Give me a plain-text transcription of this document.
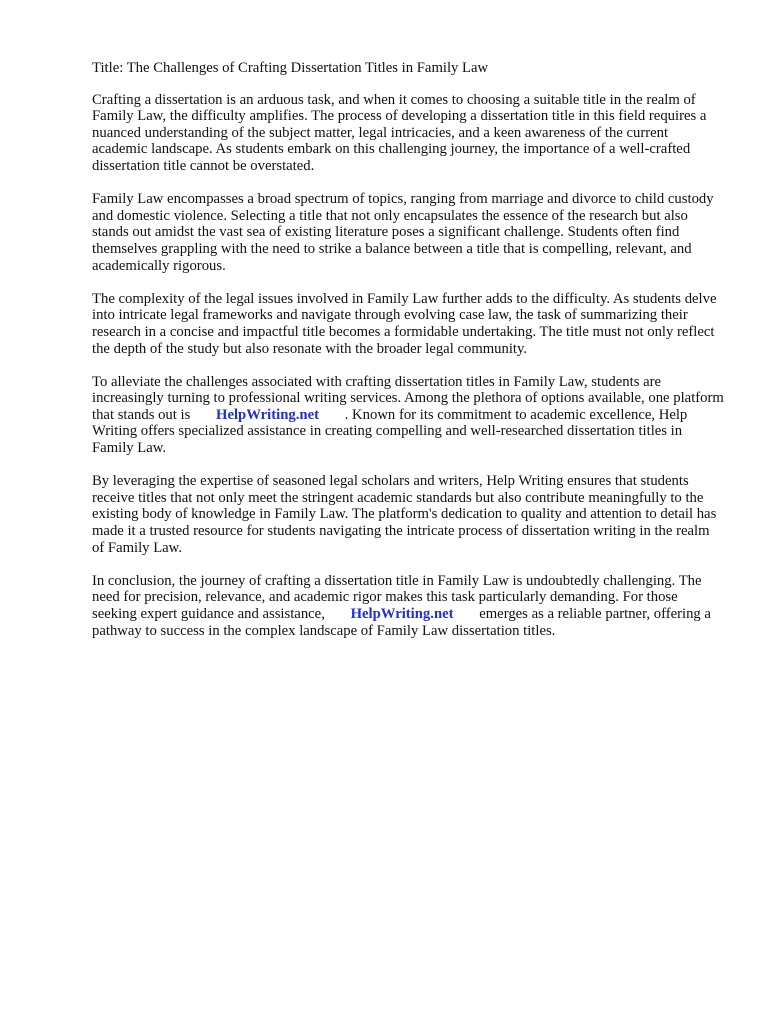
Title: The Challenges of Crafting Dissertation Titles in Family Law

Crafting a dissertation is an arduous task, and when it comes to choosing a suitable title in the realm of Family Law, the difficulty amplifies. The process of developing a dissertation title in this field requires a nuanced understanding of the subject matter, legal intricacies, and a keen awareness of the current academic landscape. As students embark on this challenging journey, the importance of a well-crafted dissertation title cannot be overstated.

Family Law encompasses a broad spectrum of topics, ranging from marriage and divorce to child custody and domestic violence. Selecting a title that not only encapsulates the essence of the research but also stands out amidst the vast sea of existing literature poses a significant challenge. Students often find themselves grappling with the need to strike a balance between a title that is compelling, relevant, and academically rigorous.

The complexity of the legal issues involved in Family Law further adds to the difficulty. As students delve into intricate legal frameworks and navigate through evolving case law, the task of summarizing their research in a concise and impactful title becomes a formidable undertaking. The title must not only reflect the depth of the study but also resonate with the broader legal community.

To alleviate the challenges associated with crafting dissertation titles in Family Law, students are increasingly turning to professional writing services. Among the plethora of options available, one platform that stands out is HelpWriting.net . Known for its commitment to academic excellence, Help Writing offers specialized assistance in creating compelling and well-researched dissertation titles in Family Law.

By leveraging the expertise of seasoned legal scholars and writers, Help Writing ensures that students receive titles that not only meet the stringent academic standards but also contribute meaningfully to the existing body of knowledge in Family Law. The platform's dedication to quality and attention to detail has made it a trusted resource for students navigating the intricate process of dissertation writing in the realm of Family Law.

In conclusion, the journey of crafting a dissertation title in Family Law is undoubtedly challenging. The need for precision, relevance, and academic rigor makes this task particularly demanding. For those seeking expert guidance and assistance, HelpWriting.net emerges as a reliable partner, offering a pathway to success in the complex landscape of Family Law dissertation titles.
